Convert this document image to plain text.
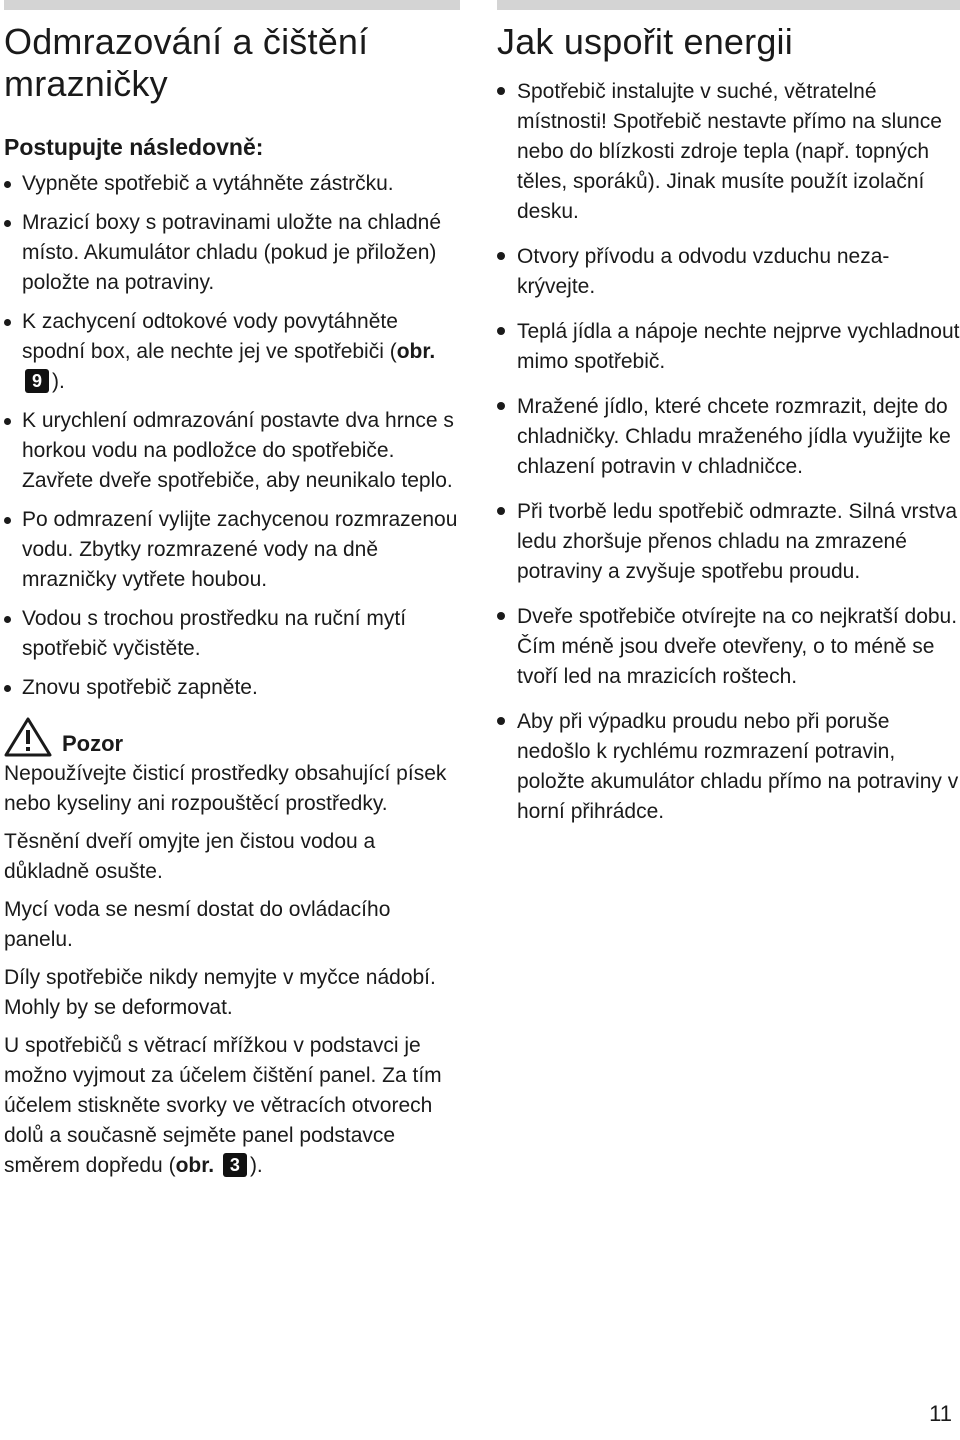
Odmrazování a čištění
mrazničky
Postupujte následovně:
Vypněte spotřebič a vytáhněte zástrčku.
Mrazicí boxy s potravinami uložte na chladné místo. Akumulátor chladu (pokud je přiložen) položte na potraviny.
K zachycení odtokové vody povytáhněte spodní box, ale nechte jej ve spotřebiči (obr. 9 ).
K urychlení odmrazování postavte dva hrnce s horkou vodu na podložce do spotřebiče. Zavřete dveře spotřebiče, aby neunikalo teplo.
Po odmrazení vylijte zachycenou rozmrazenou vodu. Zbytky rozmrazené vody na dně mrazničky vytřete houbou.
Vodou s trochou prostředku na ruční mytí spotřebič vyčistěte.
Znovu spotřebič zapněte.
Pozor

Nepoužívejte čisticí prostředky obsahující písek nebo kyseliny ani rozpouštěcí prostředky.

Těsnění dveří omyjte jen čistou vodou a důkladně osušte.

Mycí voda se nesmí dostat do ovládacího panelu.

Díly spotřebiče nikdy nemyjte v myčce nádobí. Mohly by se deformovat.

U spotřebičů s větrací mřížkou v podstavci je možno vyjmout za účelem čištění panel. Za tím účelem stiskněte svorky ve větracích otvorech dolů a současně sejměte panel podstavce směrem dopředu (obr. 3 ).

Jak uspořit energii
Spotřebič instalujte v suché, větratelné místnosti! Spotřebič nestavte přímo na slunce nebo do blízkosti zdroje tepla (např. topných těles, sporáků). Jinak musíte použít izolační desku.
Otvory přívodu a odvodu vzduchu nezakrývejte.
Teplá jídla a nápoje nechte nejprve vychladnout mimo spotřebič.
Mražené jídlo, které chcete rozmrazit, dejte do chladničky. Chladu mraženého jídla využijte ke chlazení potravin v chladničce.
Při tvorbě ledu spotřebič odmrazte. Silná vrstva ledu zhoršuje přenos chladu na zmrazené potraviny a zvyšuje spotřebu proudu.
Dveře spotřebiče otvírejte na co nejkratší dobu. Čím méně jsou dveře otevřeny, o to méně se tvoří led na mrazicích roštech.
Aby při výpadku proudu nebo při poruše nedošlo k rychlému rozmrazení potravin, položte akumulátor chladu přímo na potraviny v horní přihrádce.
11
